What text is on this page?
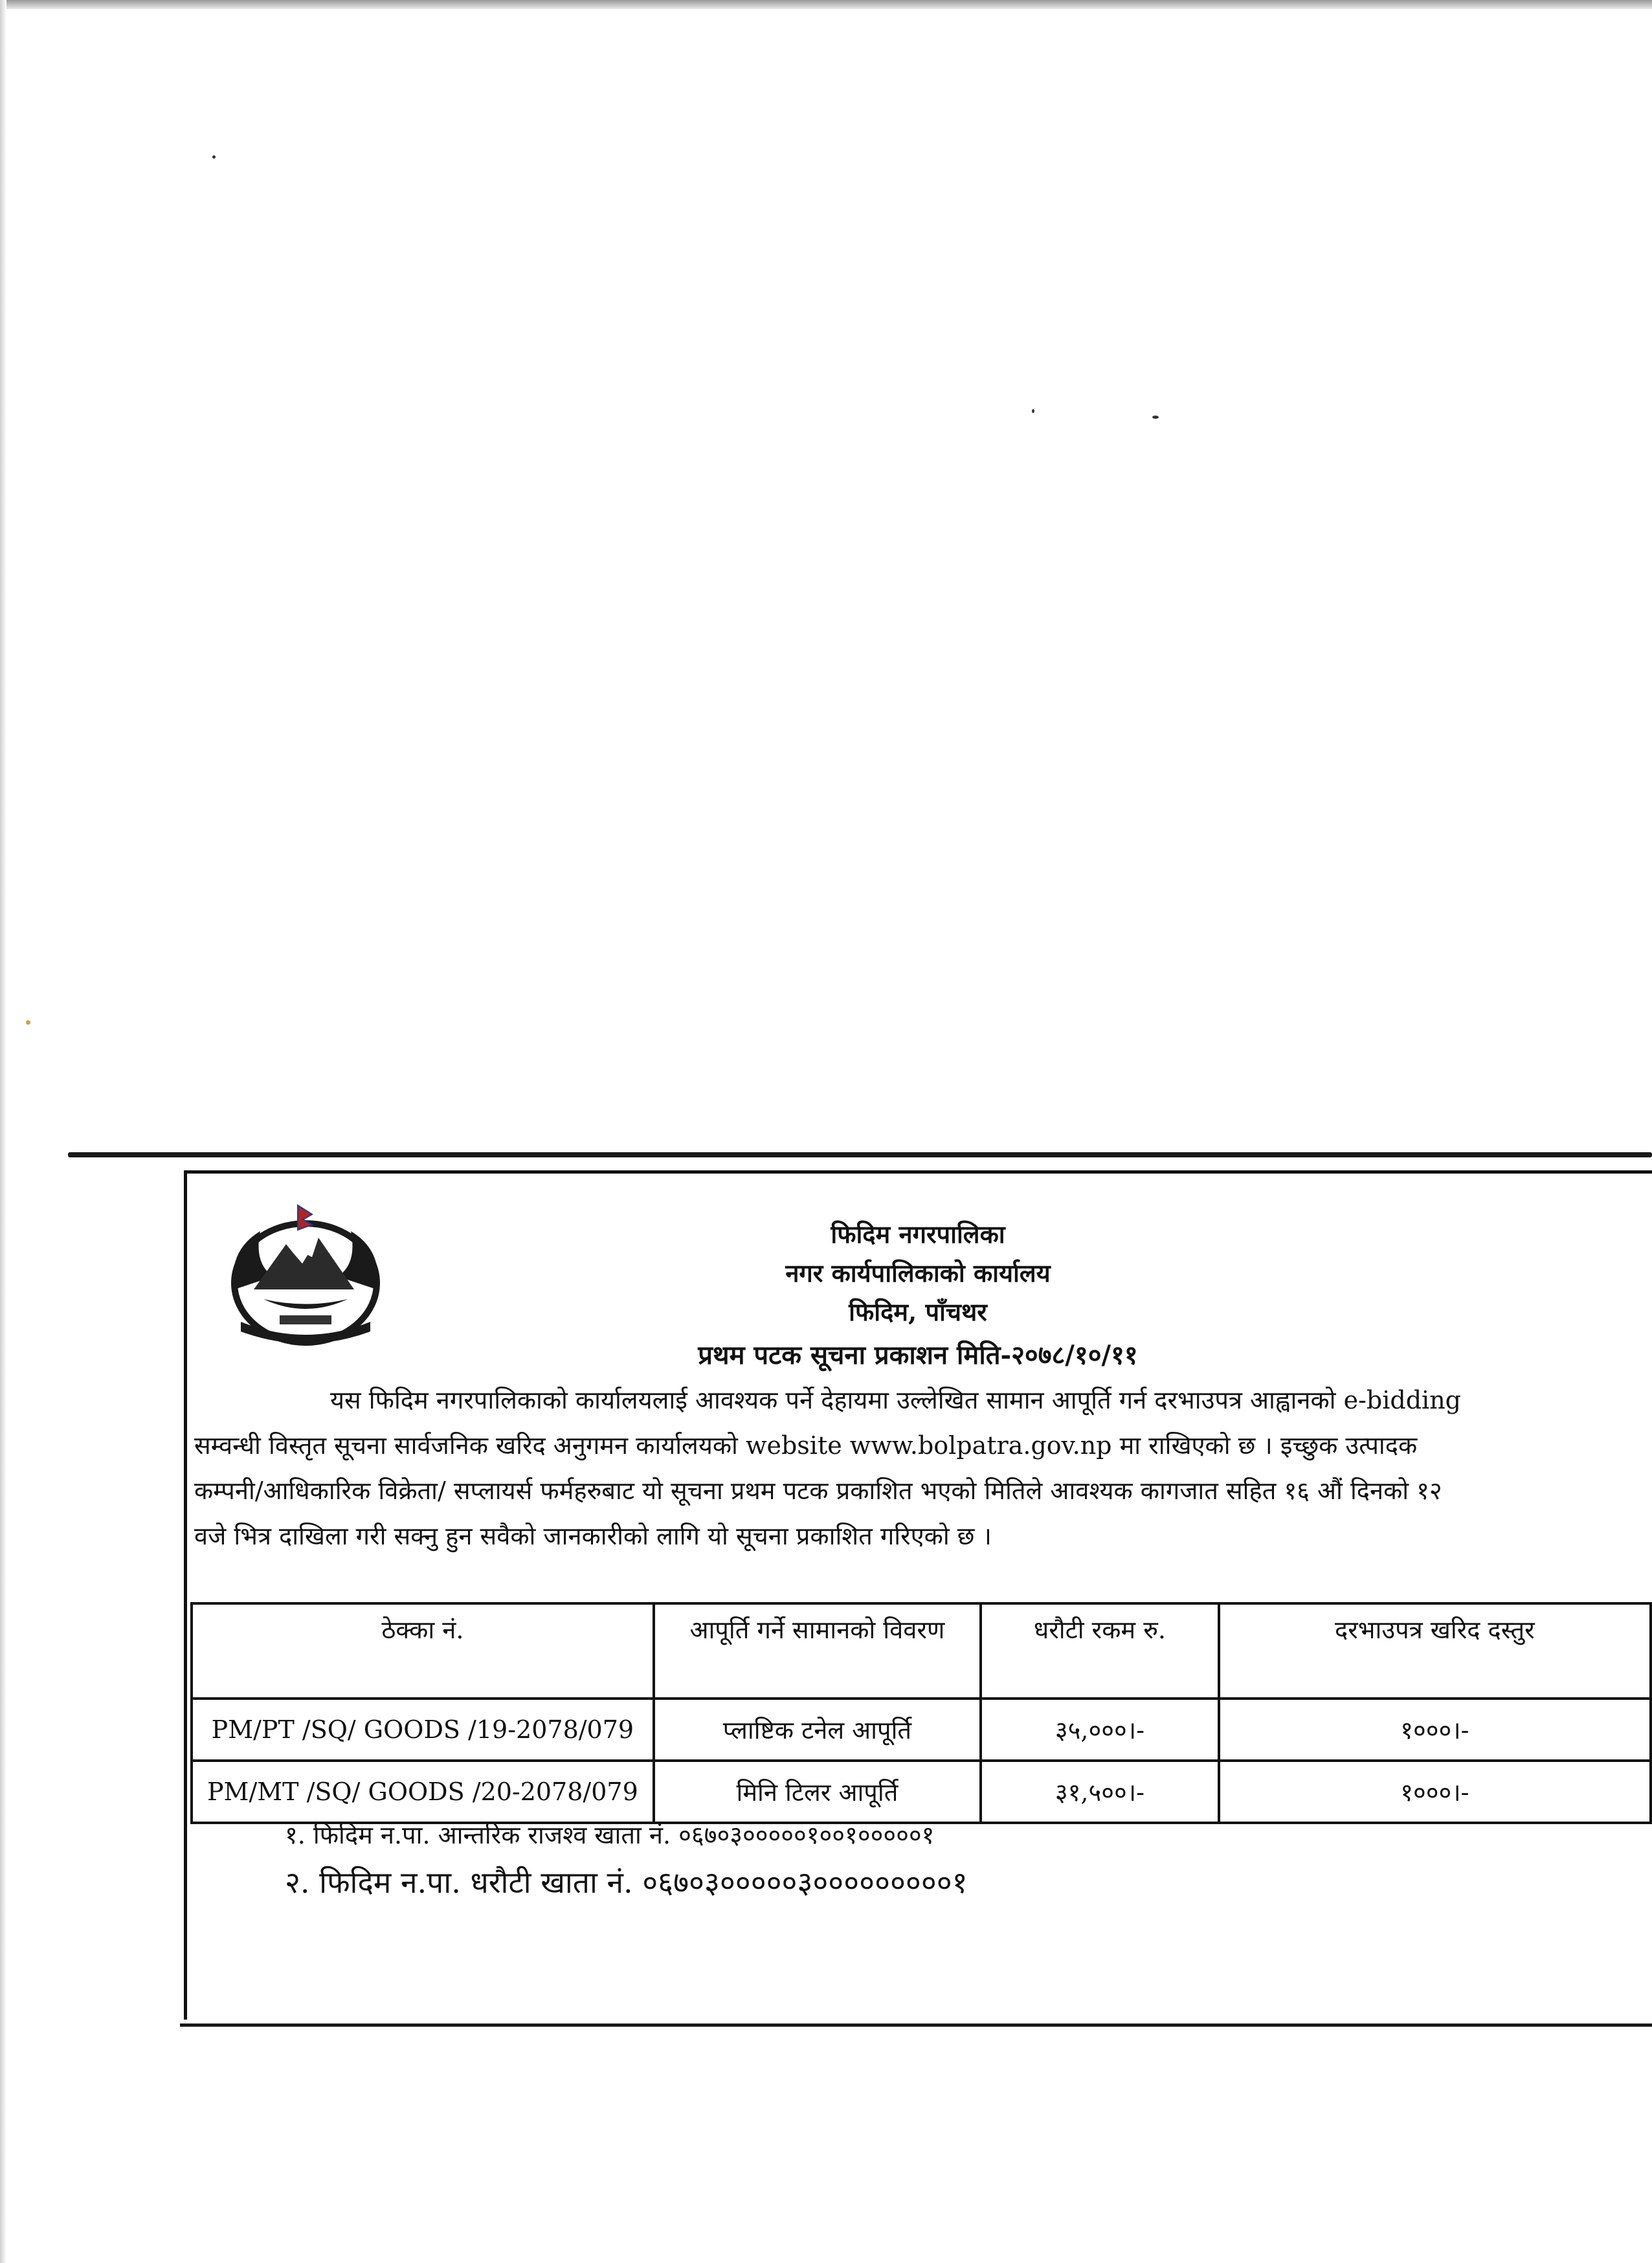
फिदिम नगरपालिका
नगर कार्यपालिकाको कार्यालय
फिदिम, पाँचथर
प्रथम पटक सूचना प्रकाशन मिति-२०७८/१०/११
यस फिदिम नगरपालिकाको कार्यालयलाई आवश्यक पर्ने देहायमा उल्लेखित सामान आपूर्ति गर्न दरभाउपत्र आह्वानको e-bidding
सम्वन्धी विस्तृत सूचना सार्वजनिक खरिद अनुगमन कार्यालयको website www.bolpatra.gov.np मा राखिएको छ । इच्छुक उत्पादक
कम्पनी/आधिकारिक विक्रेता/ सप्लायर्स फर्महरुबाट यो सूचना प्रथम पटक प्रकाशित भएको मितिले आवश्यक कागजात सहित १६ औं दिनको १२
वजे भित्र दाखिला गरी सक्नु हुन सवैको जानकारीको लागि यो सूचना प्रकाशित गरिएको छ ।
ठेक्का नं.	आपूर्ति गर्ने सामानको विवरण	धरौटी रकम रु.	दरभाउपत्र खरिद दस्तुर
PM/PT /SQ/ GOODS /19-2078/079	प्लाष्टिक टनेल आपूर्ति	३५,०००।-	१०००।-
PM/MT /SQ/ GOODS /20-2078/079	मिनि टिलर आपूर्ति	३१,५००।-	१०००।-
१. फिदिम न.पा. आन्तरिक राजश्व खाता नं. ०६७०३०००००१००१०००००१
२. फिदिम न.पा. धरौटी खाता नं. ०६७०३०००००३०००००००००१
